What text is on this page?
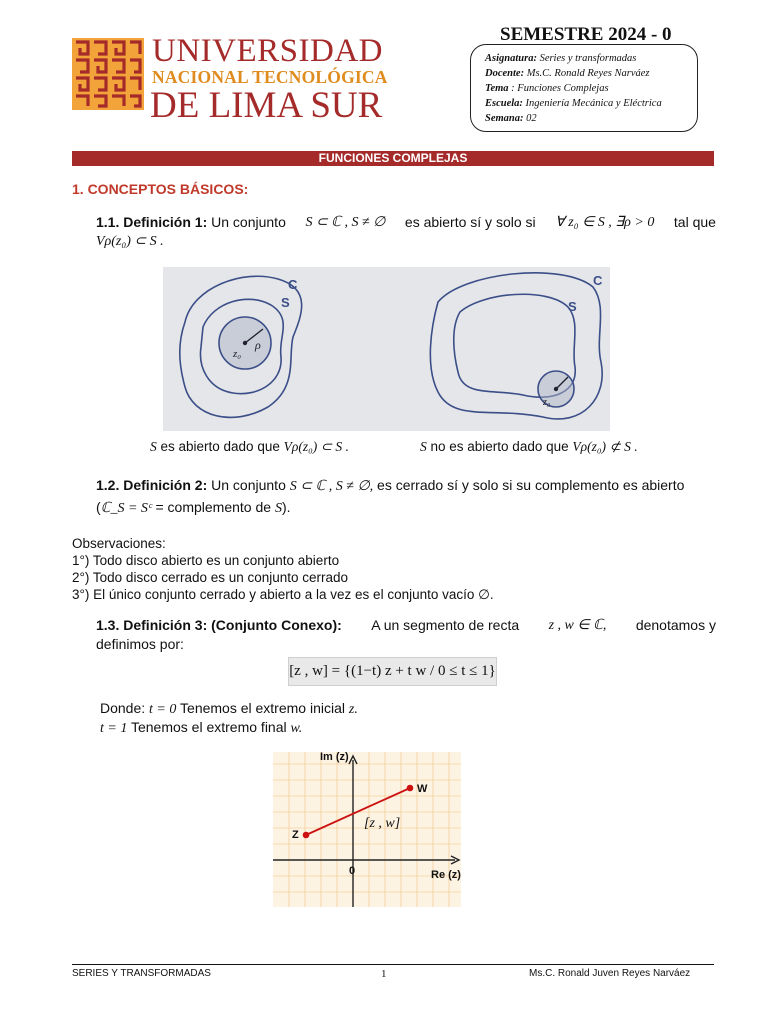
UNIVERSIDAD
NACIONAL TECNOLÓGICA
DE LIMA SUR
SEMESTRE 2024 - 0
Asignatura: Series y transformadas
Docente: Ms.C. Ronald Reyes Narváez
Tema : Funciones Complejas
Escuela: Ingeniería Mecánica y Eléctrica
Semana: 02
FUNCIONES COMPLEJAS
1. CONCEPTOS BÁSICOS:
1.1. Definición 1: Un conjunto S ⊂ ℂ , S ≠ ∅ es abierto sí y solo si ∀ z₀ ∈ S , ∃ρ > 0 tal que
Vρ(z₀) ⊂ S .
C
S
z₀
ρ
C
S
z₀
S es abierto dado que Vρ(z₀) ⊂ S .	S no es abierto dado que Vρ(z₀) ⊄ S .
1.2. Definición 2: Un conjunto S ⊂ ℂ , S ≠ ∅, es cerrado sí y solo si su complemento es abierto
(ℂ_S = Sᶜ = complemento de S).
Observaciones:
1°) Todo disco abierto es un conjunto abierto
2°) Todo disco cerrado es un conjunto cerrado
3°) El único conjunto cerrado y abierto a la vez es el conjunto vacío ∅.
1.3. Definición 3: (Conjunto Conexo): A un segmento de recta z , w ∈ ℂ, denotamos y
definimos por:
[z , w] = {(1−t) z + t w / 0 ≤ t ≤ 1}
Donde: t = 0 Tenemos el extremo inicial z.
t = 1 Tenemos el extremo final w.
Im (z)
Re (z)
0
W
Z
[z , w]
SERIES Y TRANSFORMADAS	1	Ms.C. Ronald Juven Reyes Narváez
